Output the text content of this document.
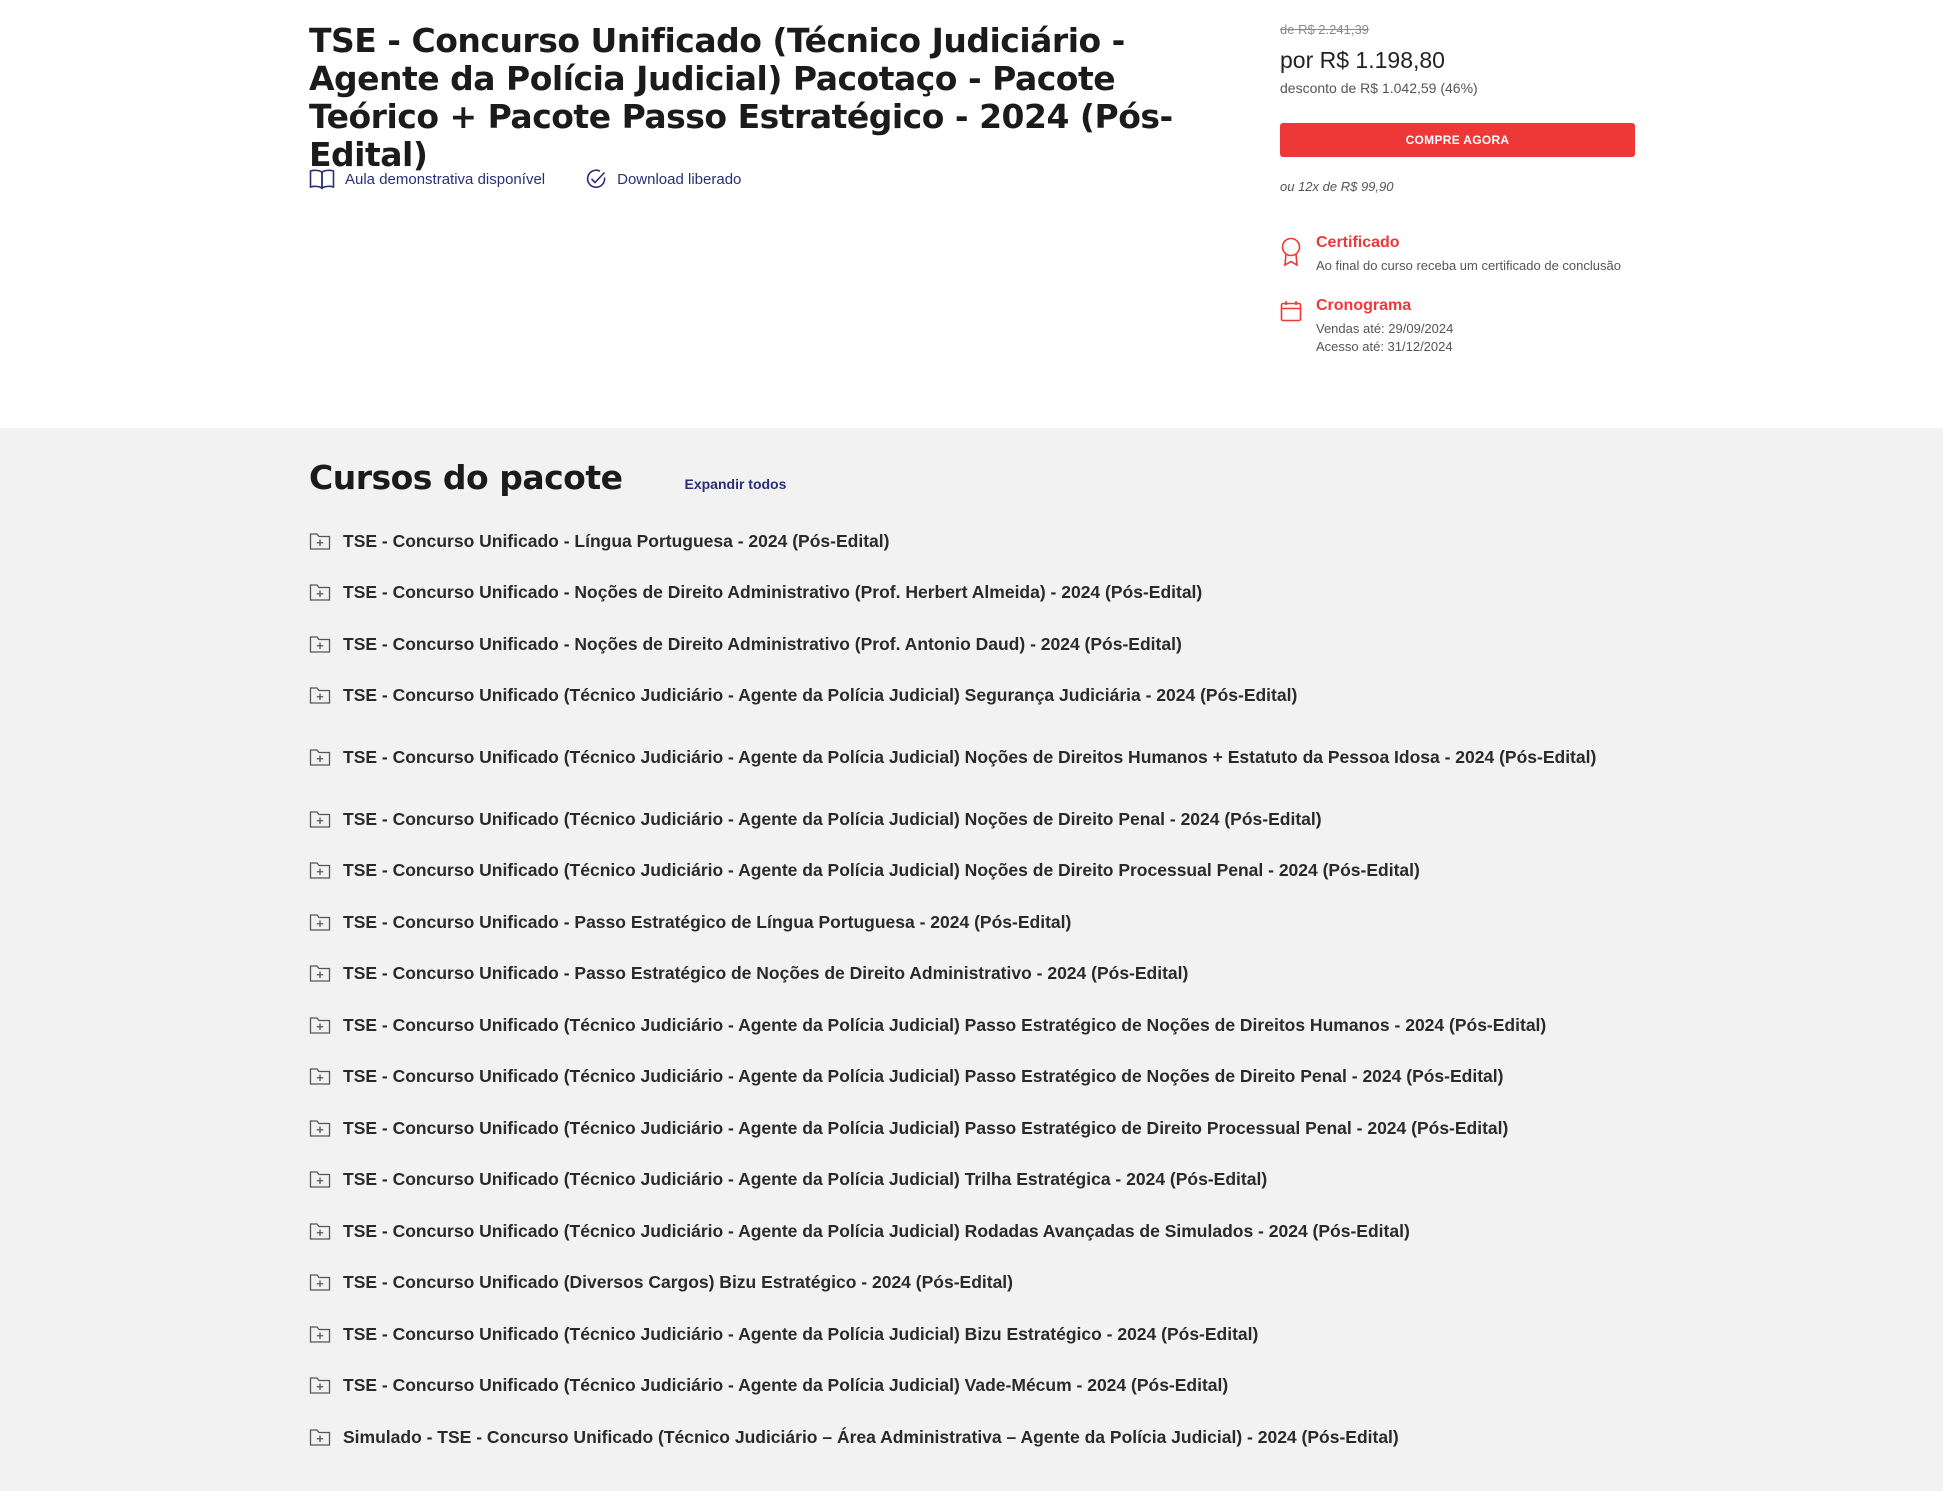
TSE - Concurso Unificado (Técnico Judiciário - Agente da Polícia Judicial) Pacotaço - Pacote Teórico + Pacote Passo Estratégico - 2024 (Pós-Edital)
Aula demonstrativa disponível	Download liberado

de R$ 2.241,39

por R$ 1.198,80

desconto de R$ 1.042,59 (46%)

COMPRE AGORA

ou 12x de R$ 99,90

Certificado

Ao final do curso receba um certificado de conclusão

Cronograma

Vendas até: 29/09/2024

Acesso até: 31/12/2024

Cursos do pacote	Expandir todos
TSE - Concurso Unificado - Língua Portuguesa - 2024 (Pós-Edital)
TSE - Concurso Unificado - Noções de Direito Administrativo (Prof. Herbert Almeida) - 2024 (Pós-Edital)
TSE - Concurso Unificado - Noções de Direito Administrativo (Prof. Antonio Daud) - 2024 (Pós-Edital)
TSE - Concurso Unificado (Técnico Judiciário - Agente da Polícia Judicial) Segurança Judiciária - 2024 (Pós-Edital)
TSE - Concurso Unificado (Técnico Judiciário - Agente da Polícia Judicial) Noções de Direitos Humanos + Estatuto da Pessoa Idosa - 2024 (Pós-Edital)
TSE - Concurso Unificado (Técnico Judiciário - Agente da Polícia Judicial) Noções de Direito Penal - 2024 (Pós-Edital)
TSE - Concurso Unificado (Técnico Judiciário - Agente da Polícia Judicial) Noções de Direito Processual Penal - 2024 (Pós-Edital)
TSE - Concurso Unificado - Passo Estratégico de Língua Portuguesa - 2024 (Pós-Edital)
TSE - Concurso Unificado - Passo Estratégico de Noções de Direito Administrativo - 2024 (Pós-Edital)
TSE - Concurso Unificado (Técnico Judiciário - Agente da Polícia Judicial) Passo Estratégico de Noções de Direitos Humanos - 2024 (Pós-Edital)
TSE - Concurso Unificado (Técnico Judiciário - Agente da Polícia Judicial) Passo Estratégico de Noções de Direito Penal - 2024 (Pós-Edital)
TSE - Concurso Unificado (Técnico Judiciário - Agente da Polícia Judicial) Passo Estratégico de Direito Processual Penal - 2024 (Pós-Edital)
TSE - Concurso Unificado (Técnico Judiciário - Agente da Polícia Judicial) Trilha Estratégica - 2024 (Pós-Edital)
TSE - Concurso Unificado (Técnico Judiciário - Agente da Polícia Judicial) Rodadas Avançadas de Simulados - 2024 (Pós-Edital)
TSE - Concurso Unificado (Diversos Cargos) Bizu Estratégico - 2024 (Pós-Edital)
TSE - Concurso Unificado (Técnico Judiciário - Agente da Polícia Judicial) Bizu Estratégico - 2024 (Pós-Edital)
TSE - Concurso Unificado (Técnico Judiciário - Agente da Polícia Judicial) Vade-Mécum - 2024 (Pós-Edital)
Simulado - TSE - Concurso Unificado (Técnico Judiciário – Área Administrativa – Agente da Polícia Judicial) - 2024 (Pós-Edital)
